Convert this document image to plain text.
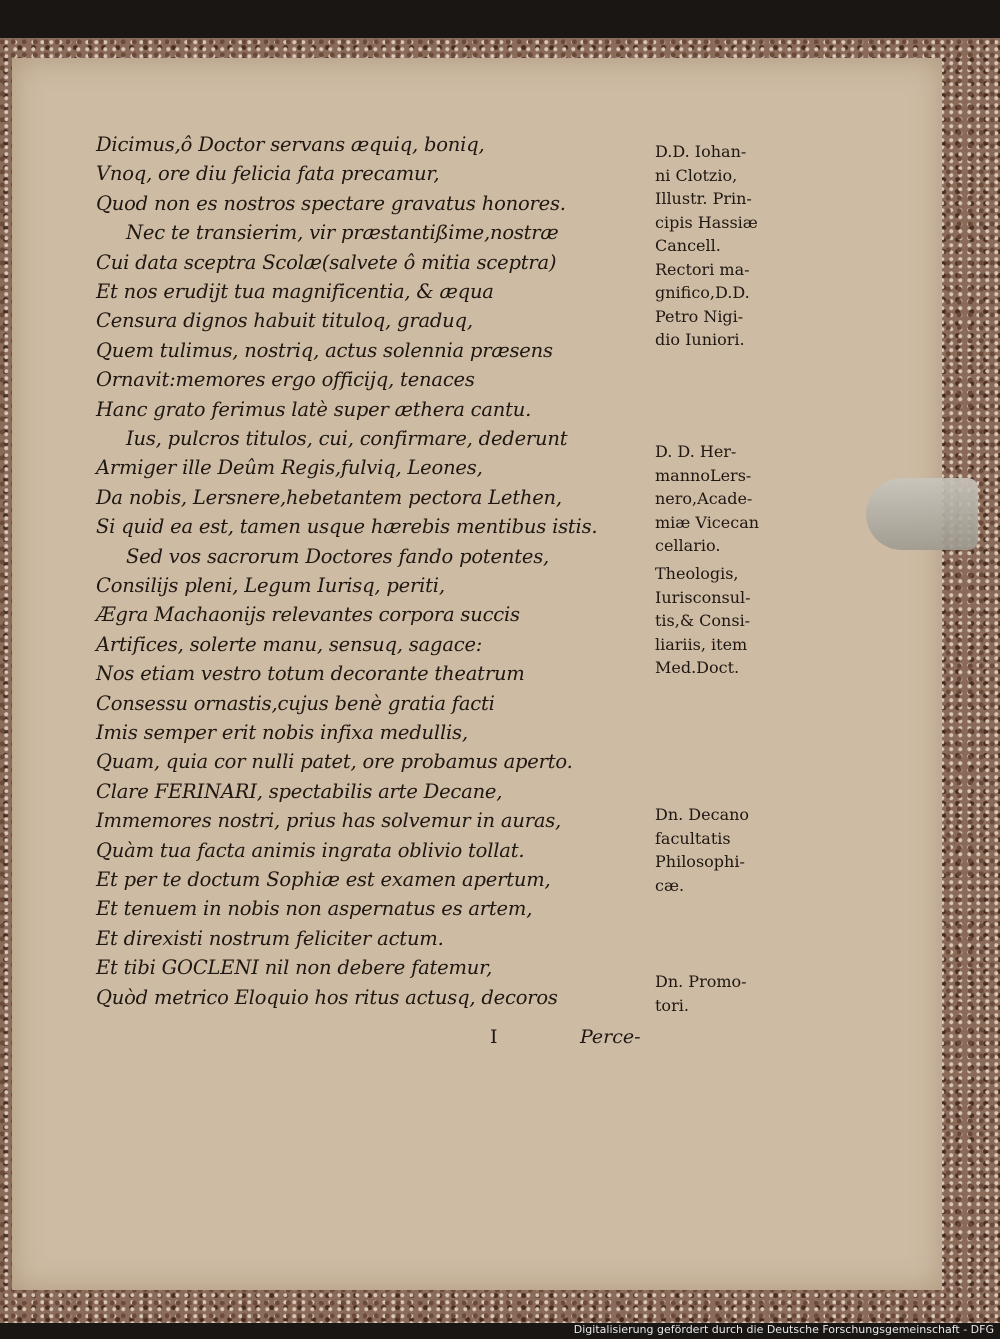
Dicimus,ô Doctor servans æquiq, boniq,
Vnoq, ore diu felicia fata precamur,
Quod non es nostros spectare gravatus honores.
Nec te transierim, vir præstantißime,nostræ
Cui data sceptra Scolæ(salvete ô mitia sceptra)
Et nos erudijt tua magnificentia, & æqua
Censura dignos habuit tituloq, graduq,
Quem tulimus, nostriq, actus solennia præsens
Ornavit:memores ergo officijq, tenaces
Hanc grato ferimus latè super æthera cantu.
Ius, pulcros titulos, cui, confirmare, dederunt
Armiger ille Deûm Regis,fulviq, Leones,
Da nobis, Lersnere,hebetantem pectora Lethen,
Si quid ea est, tamen usque hærebis mentibus istis.
Sed vos sacrorum Doctores fando potentes,
Consilijs pleni, Legum Iurisq, periti,
Ægra Machaonijs relevantes corpora succis
Artifices, solerte manu, sensuq, sagace:
Nos etiam vestro totum decorante theatrum
Consessu ornastis,cujus benè gratia facti
Imis semper erit nobis infixa medullis,
Quam, quia cor nulli patet, ore probamus aperto.
Clare FERINARI, spectabilis arte Decane,
Immemores nostri, prius has solvemur in auras,
Quàm tua facta animis ingrata oblivio tollat.
Et per te doctum Sophiæ est examen apertum,
Et tenuem in nobis non aspernatus es artem,
Et direxisti nostrum feliciter actum.
Et tibi GOCLENI nil non debere fatemur,
Quòd metrico Eloquio hos ritus actusq, decoros
D.D. Iohan-
ni Clotzio,
Illustr. Prin-
cipis Hassiæ
Cancell.
Rectori ma-
gnifico,D.D.
Petro Nigi-
dio Iuniori.
D. D. Her-
mannoLers-
nero,Acade-
miæ Vicecan
cellario.
Theologis,
Iurisconsul-
tis,& Consi-
liariis, item
Med.Doct.
Dn. Decano
facultatis
Philosophi-
cæ.
Dn. Promo-
tori.
I	Perce-
Digitalisierung gefördert durch die Deutsche Forschungsgemeinschaft - DFG
